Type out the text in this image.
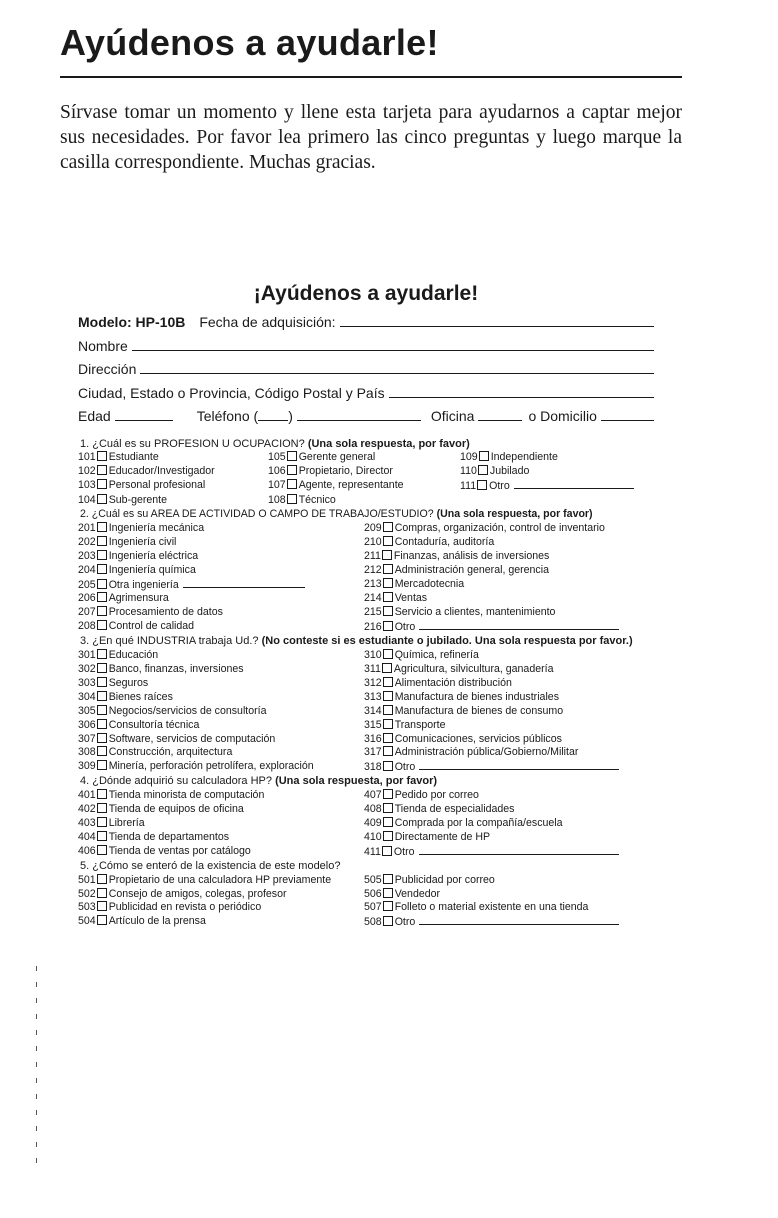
Ayúdenos a ayudarle!

Sírvase tomar un momento y llene esta tarjeta para ayudarnos a captar mejor sus necesidades. Por favor lea primero las cinco preguntas y luego marque la casilla correspondiente. Muchas gracias.

¡Ayúdenos a ayudarle!
Modelo: HP-10B Fecha de adquisición:
Nombre
Dirección
Ciudad, Estado o Provincia, Código Postal y País
Edad	Teléfono ( )	Oficina	o Domicilio

1. ¿Cuál es su PROFESION U OCUPACION? (Una sola respuesta, por favor)

101 Estudiante	105 Gerente general	109 Independiente
102 Educador/Investigador	106 Propietario, Director	110 Jubilado
103 Personal profesional	107 Agente, representante	111 Otro
104 Sub-gerente	108 Técnico

2. ¿Cuál es su AREA DE ACTIVIDAD O CAMPO DE TRABAJO/ESTUDIO? (Una sola respuesta, por favor)

201 Ingeniería mecánica	209 Compras, organización, control de inventario
202 Ingeniería civil	210 Contaduría, auditoría
203 Ingeniería eléctrica	211 Finanzas, análisis de inversiones
204 Ingeniería química	212 Administración general, gerencia
205 Otra ingeniería	213 Mercadotecnia
206 Agrimensura	214 Ventas
207 Procesamiento de datos	215 Servicio a clientes, mantenimiento
208 Control de calidad	216 Otro

3. ¿En qué INDUSTRIA trabaja Ud.? (No conteste si es estudiante o jubilado. Una sola respuesta por favor.)

301 Educación	310 Química, refinería
302 Banco, finanzas, inversiones	311 Agricultura, silvicultura, ganadería
303 Seguros	312 Alimentación distribución
304 Bienes raíces	313 Manufactura de bienes industriales
305 Negocios/servicios de consultoría	314 Manufactura de bienes de consumo
306 Consultoría técnica	315 Transporte
307 Software, servicios de computación	316 Comunicaciones, servicios públicos
308 Construcción, arquitectura	317 Administración pública/Gobierno/Militar
309 Minería, perforación petrolífera, exploración	318 Otro

4. ¿Dónde adquirió su calculadora HP? (Una sola respuesta, por favor)

401 Tienda minorista de computación	407 Pedido por correo
402 Tienda de equipos de oficina	408 Tienda de especialidades
403 Librería	409 Comprada por la compañía/escuela
404 Tienda de departamentos	410 Directamente de HP
406 Tienda de ventas por catálogo	411 Otro

5. ¿Cómo se enteró de la existencia de este modelo?

501 Propietario de una calculadora HP previamente	505 Publicidad por correo
502 Consejo de amigos, colegas, profesor	506 Vendedor
503 Publicidad en revista o periódico	507 Folleto o material existente en una tienda
504 Artículo de la prensa	508 Otro
